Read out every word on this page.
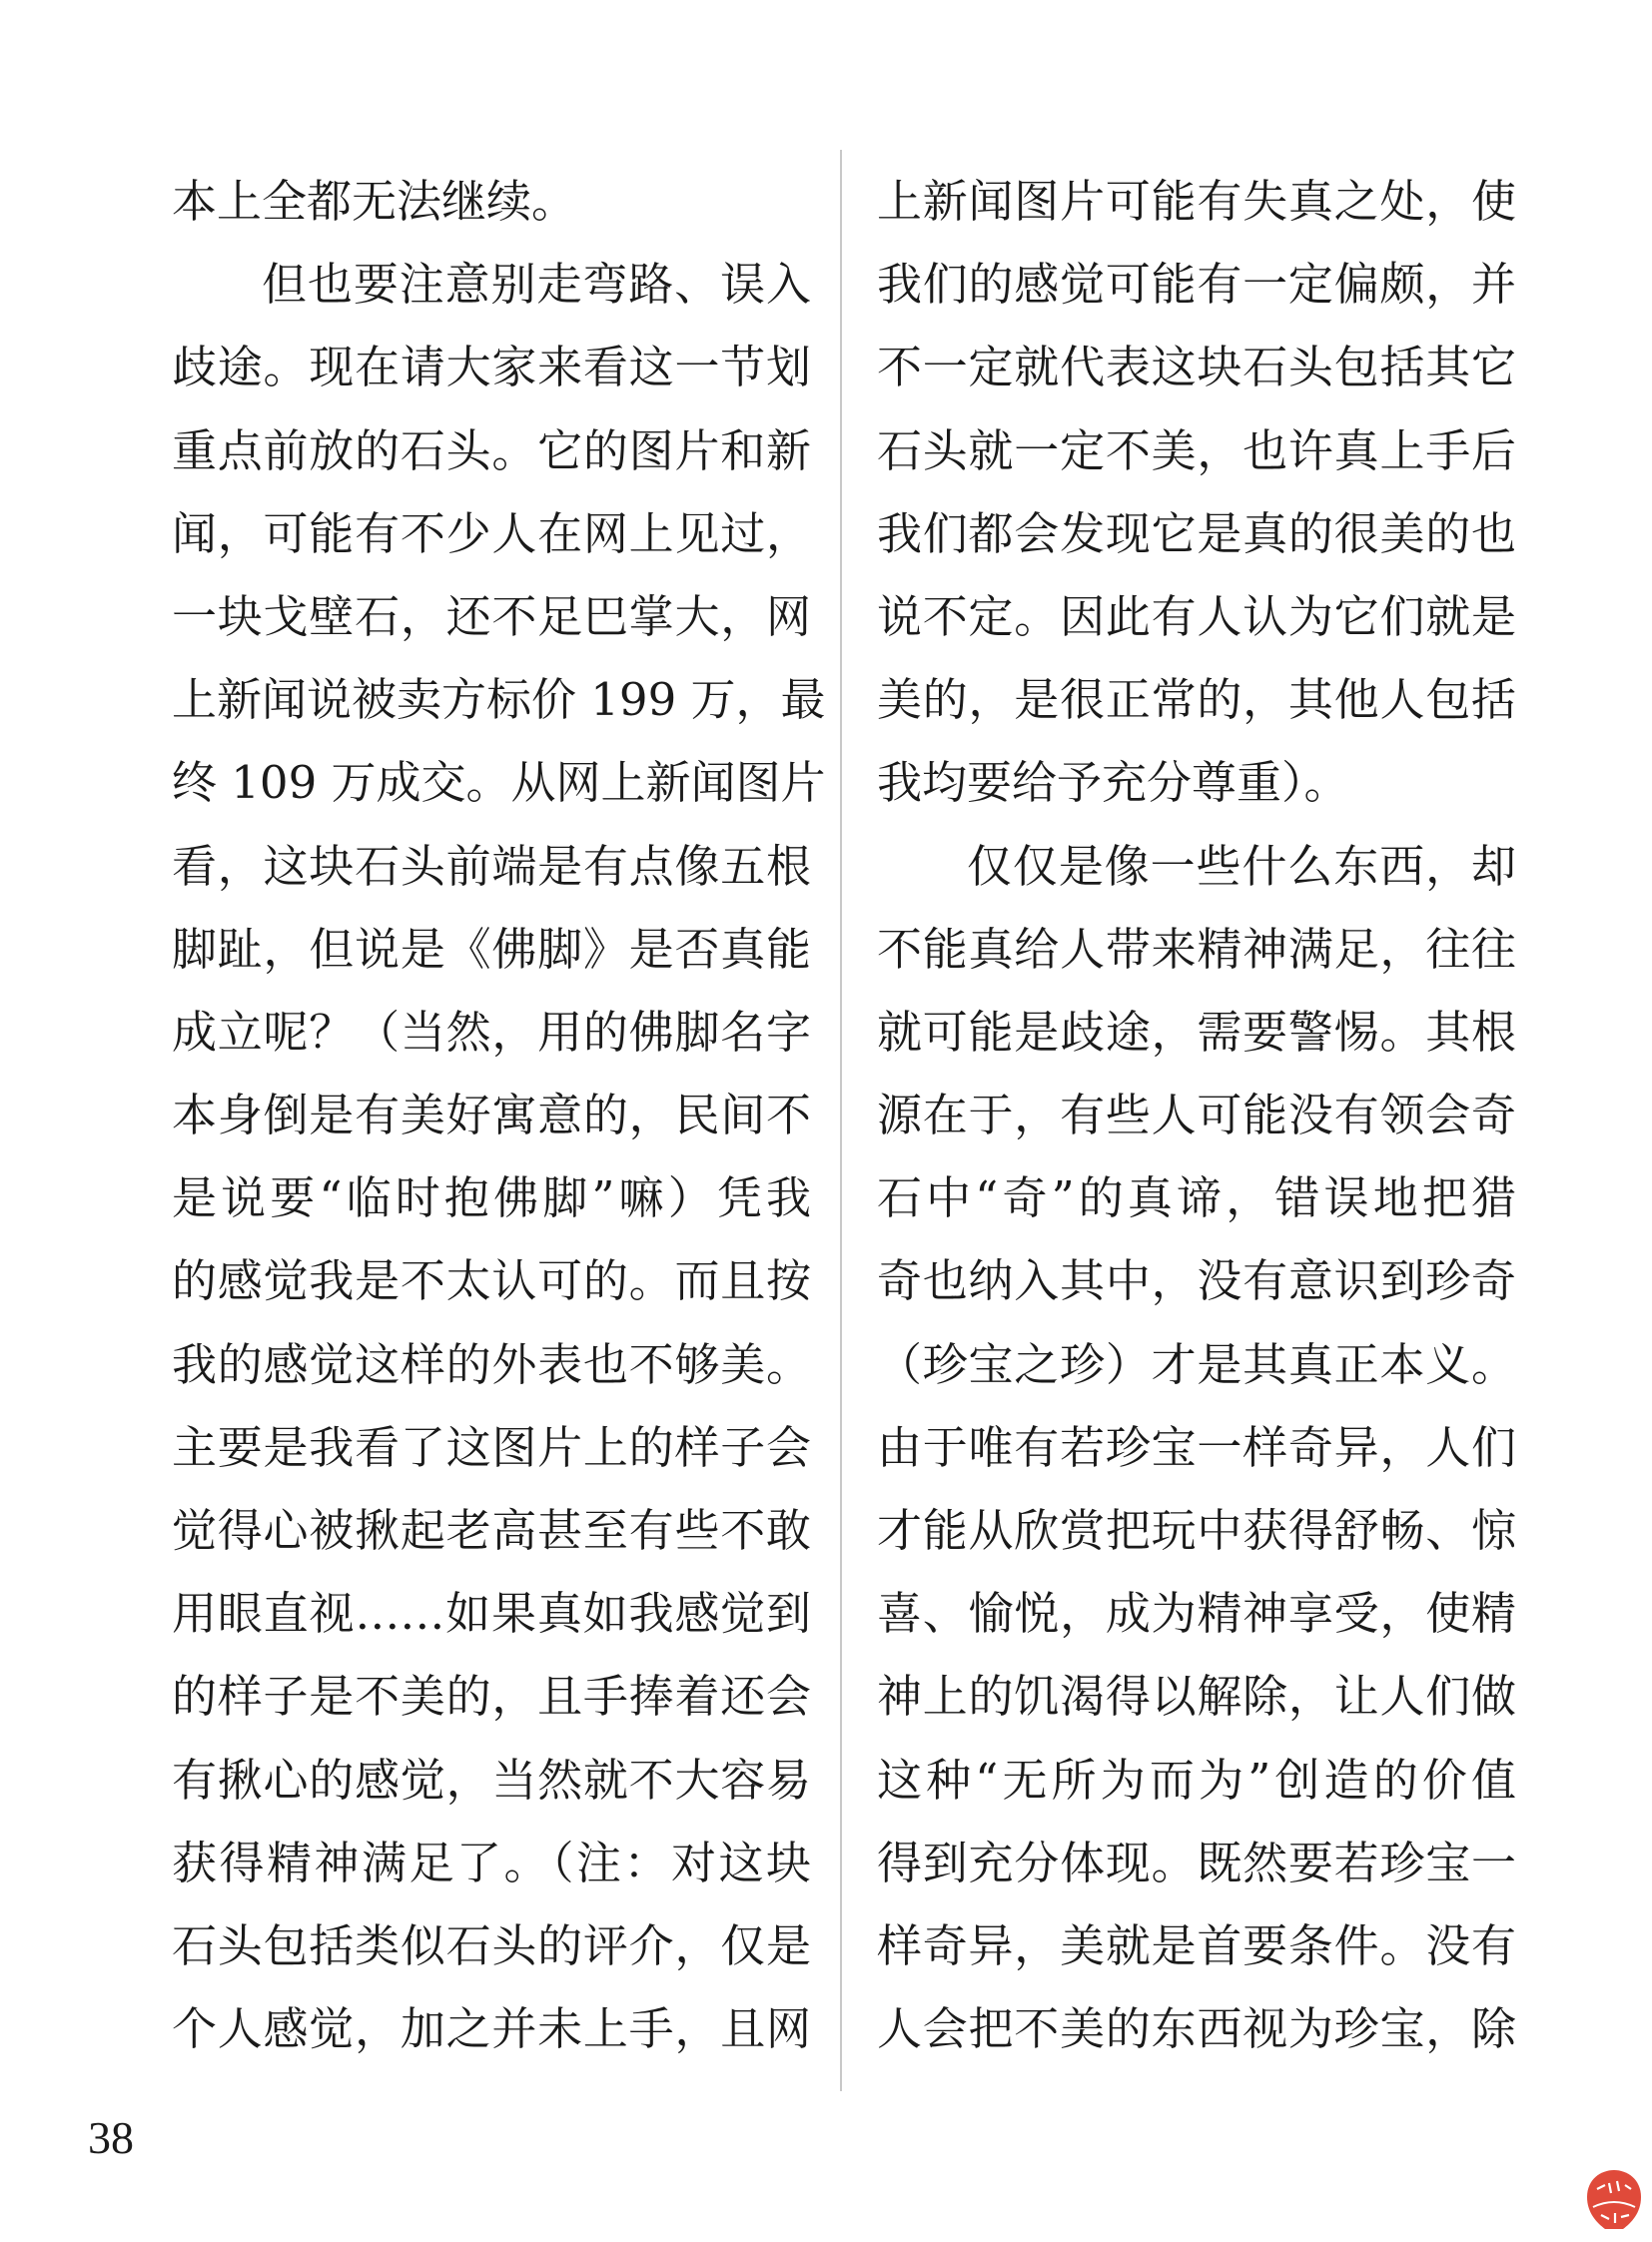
本上全都无法继续。
但也要注意别走弯路、误入
歧途。现在请大家来看这一节划
重点前放的石头。它的图片和新
闻，可能有不少人在网上见过，
一块戈壁石，还不足巴掌大，网
上新闻说被卖方标价 199 万，最
终 109 万成交。从网上新闻图片
看，这块石头前端是有点像五根
脚趾，但说是《佛脚》是否真能
成立呢？（当然，用的佛脚名字
本身倒是有美好寓意的，民间不
是说要“临时抱佛脚”嘛）凭我
的感觉我是不太认可的。而且按
我的感觉这样的外表也不够美。
主要是我看了这图片上的样子会
觉得心被揪起老高甚至有些不敢
用眼直视……如果真如我感觉到
的样子是不美的，且手捧着还会
有揪心的感觉，当然就不大容易
获得精神满足了。（注：对这块
石头包括类似石头的评介，仅是
个人感觉，加之并未上手，且网
上新闻图片可能有失真之处，使
我们的感觉可能有一定偏颇，并
不一定就代表这块石头包括其它
石头就一定不美，也许真上手后
我们都会发现它是真的很美的也
说不定。因此有人认为它们就是
美的，是很正常的，其他人包括
我均要给予充分尊重）。
仅仅是像一些什么东西，却
不能真给人带来精神满足，往往
就可能是歧途，需要警惕。其根
源在于，有些人可能没有领会奇
石中“奇”的真谛，错误地把猎
奇也纳入其中，没有意识到珍奇
（珍宝之珍）才是其真正本义。
由于唯有若珍宝一样奇异，人们
才能从欣赏把玩中获得舒畅、惊
喜、愉悦，成为精神享受，使精
神上的饥渴得以解除，让人们做
这种“无所为而为”创造的价值
得到充分体现。既然要若珍宝一
样奇异，美就是首要条件。没有
人会把不美的东西视为珍宝，除
38
